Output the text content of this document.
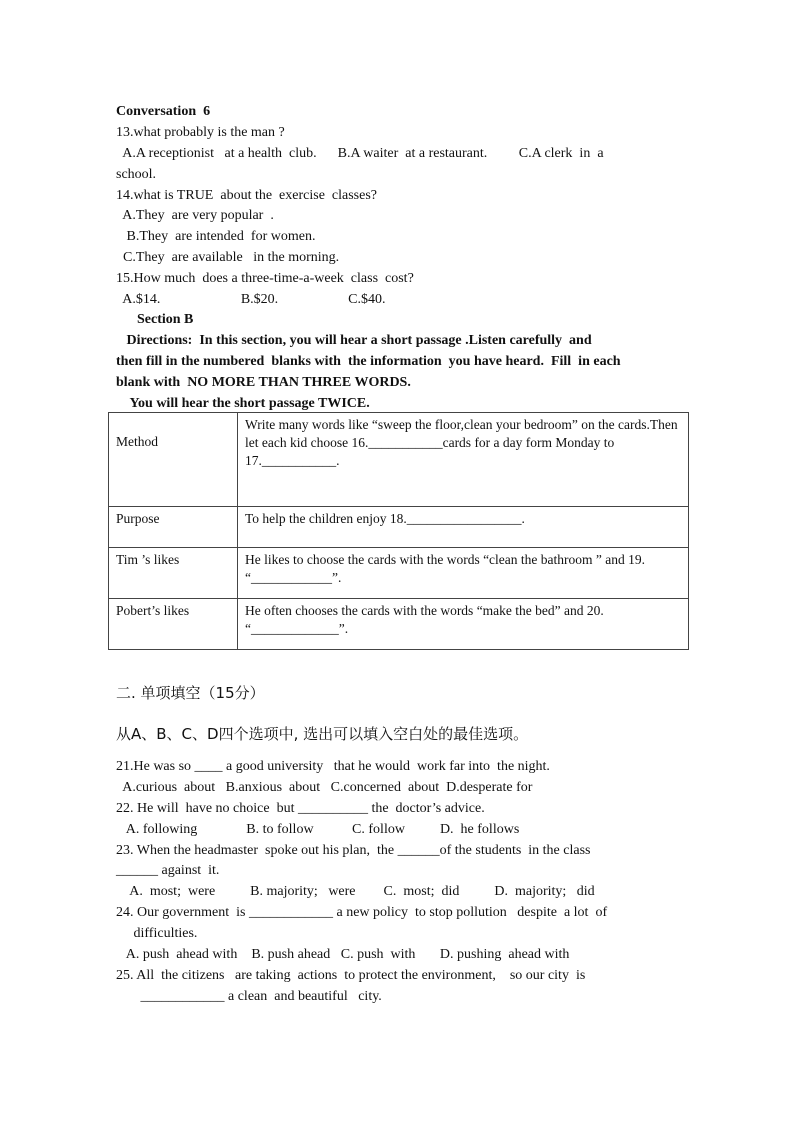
Conversation  6
13.what probably is the man ?
A.A receptionist   at a health  club.      B.A waiter  at a restaurant.         C.A clerk  in  a
school.
14.what is TRUE  about the  exercise  classes?
A.They  are very popular  .
B.They  are intended  for women.
C.They  are available   in the morning.
15.How much  does a three-time-a-week  class  cost?
A.$14.                       B.$20.                    C.$40.
Section B
Directions:  In this section, you will hear a short passage .Listen carefully  and
then fill in the numbered  blanks with  the information  you have heard.  Fill  in each
blank with  NO MORE THAN THREE WORDS.
You will hear the short passage TWICE.
Method	Write many words like “sweep the floor,clean your bedroom” on the cards.Then let each kid choose 16.___________cards for a day form Monday to 17.___________.
Purpose	To help the children enjoy 18._________________.
Tim ’s likes	He likes to choose the cards with the words “clean the bathroom ” and 19. “____________”.
Pobert’s likes	He often chooses the cards with the words “make the bed” and 20. “_____________”.
二. 单项填空（15分）
从A、B、C、D四个选项中, 选出可以填入空白处的最佳选项。
21.He was so ____ a good university   that he would  work far into  the night.
A.curious  about   B.anxious  about   C.concerned  about  D.desperate for
22. He will  have no choice  but __________ the  doctor’s advice.
A. following              B. to follow           C. follow          D.  he follows
23. When the headmaster  spoke out his plan,  the ______of the students  in the class
______ against  it.
A.  most;  were          B. majority;   were        C.  most;  did          D.  majority;   did
24. Our government  is ____________ a new policy  to stop pollution   despite  a lot  of
difficulties.
A. push  ahead with    B. push ahead   C. push  with       D. pushing  ahead with
25. All  the citizens   are taking  actions  to protect the environment,    so our city  is
____________ a clean  and beautiful   city.
